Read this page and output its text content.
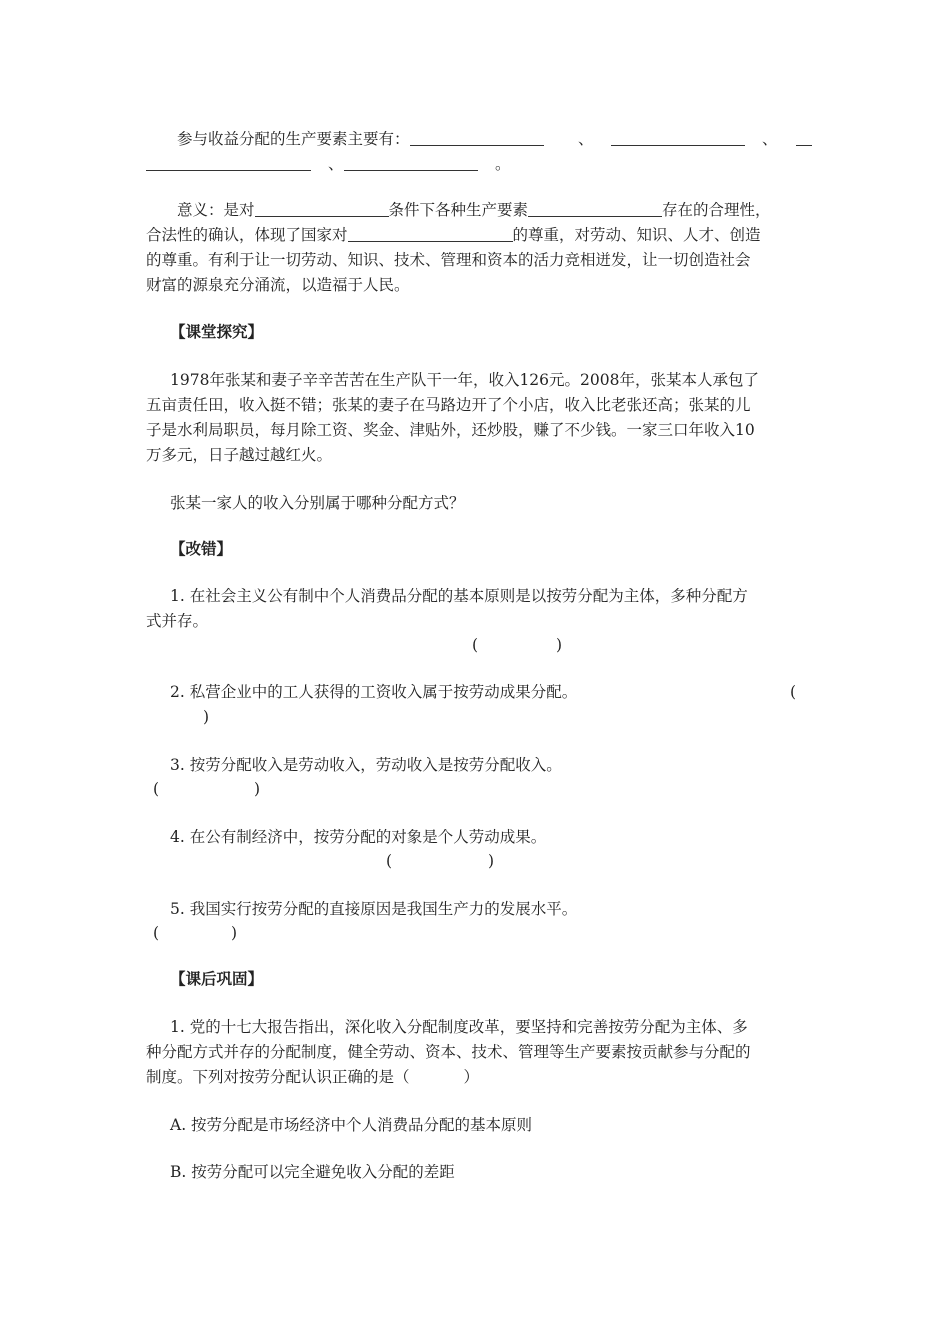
参与收益分配的生产要素主要有：	、	、
、	。
意义：是对	条件下各种生产要素	存在的合理性，
合法性的确认，体现了国家对	的尊重，对劳动、知识、人才、创造
的尊重。有利于让一切劳动、知识、技术、管理和资本的活力竞相迸发，让一切创造社会
财富的源泉充分涌流，以造福于人民。
【课堂探究】
1978年张某和妻子辛辛苦苦在生产队干一年，收入126元。2008年，张某本人承包了
五亩责任田，收入挺不错；张某的妻子在马路边开了个小店，收入比老张还高；张某的儿
子是水利局职员，每月除工资、奖金、津贴外，还炒股，赚了不少钱。一家三口年收入10
万多元，日子越过越红火。
张某一家人的收入分别属于哪种分配方式？
【改错】
1. 在社会主义公有制中个人消费品分配的基本原则是以按劳分配为主体，多种分配方
式并存。
(	)
2. 私营企业中的工人获得的工资收入属于按劳动成果分配。	(
)
3. 按劳分配收入是劳动收入，劳动收入是按劳分配收入。
(	)
4. 在公有制经济中，按劳分配的对象是个人劳动成果。
(	)
5. 我国实行按劳分配的直接原因是我国生产力的发展水平。
(	)
【课后巩固】
1. 党的十七大报告指出，深化收入分配制度改革，要坚持和完善按劳分配为主体、多
种分配方式并存的分配制度，健全劳动、资本、技术、管理等生产要素按贡献参与分配的
制度。下列对按劳分配认识正确的是（	）
A. 按劳分配是市场经济中个人消费品分配的基本原则
B. 按劳分配可以完全避免收入分配的差距
